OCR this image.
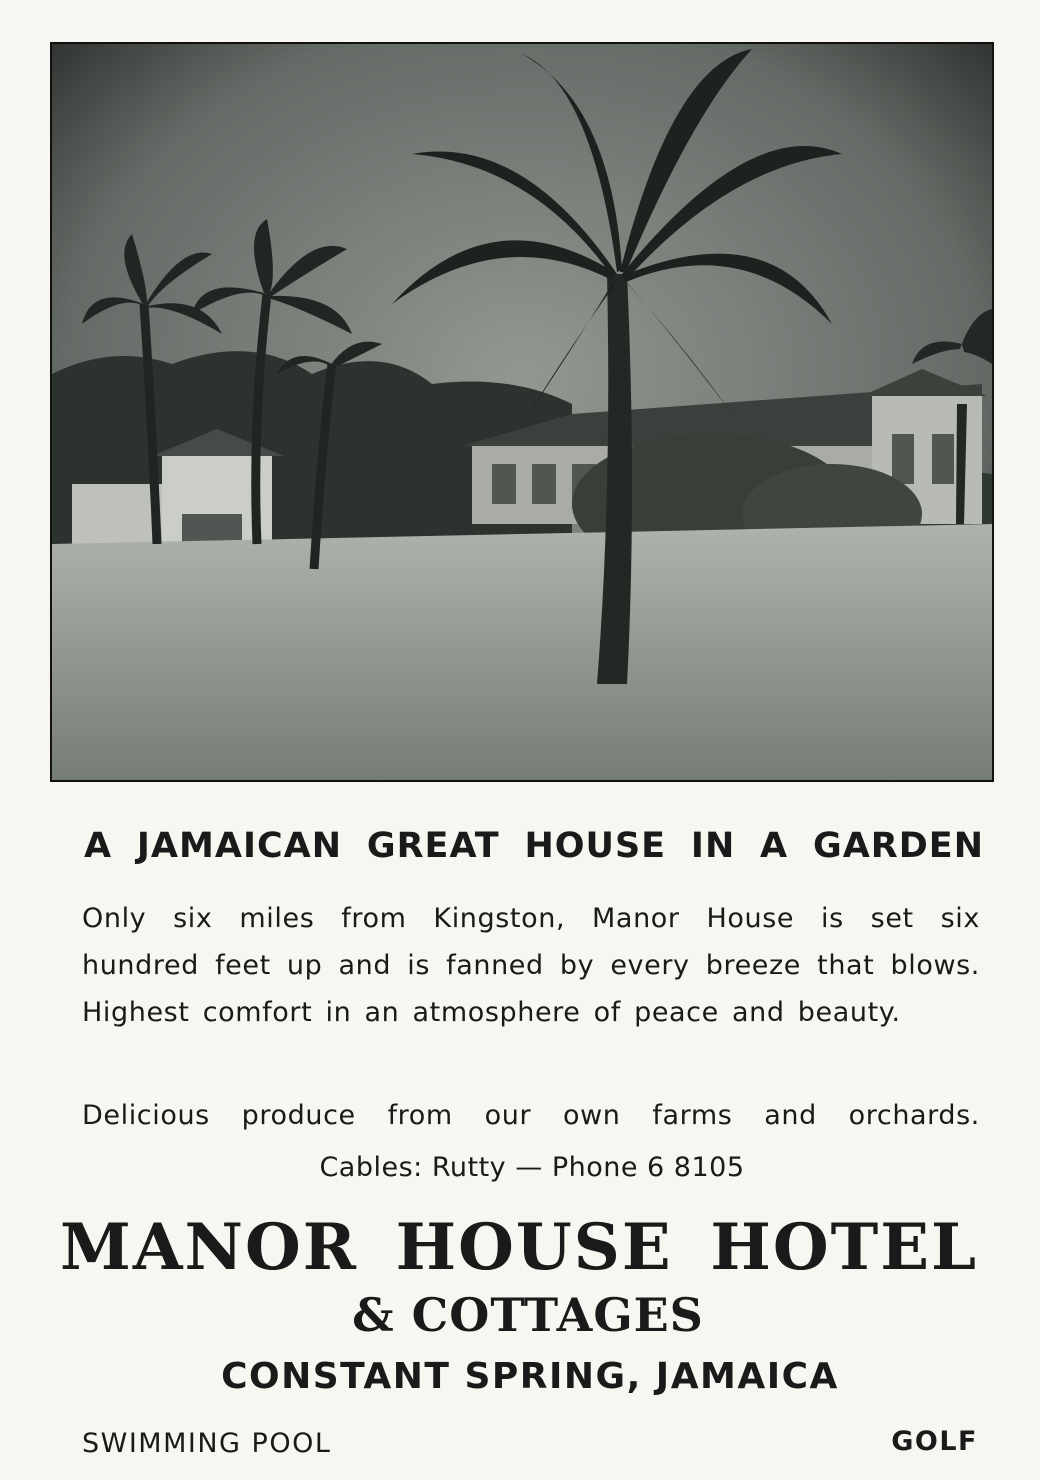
A JAMAICAN GREAT HOUSE IN A GARDEN
Only six miles from Kingston, Manor House is set six hundred feet up and is fanned by every breeze that blows. Highest comfort in an atmosphere of peace and beauty.
Delicious produce from our own farms and orchards.
Cables: Rutty — Phone 6 8105
MANOR HOUSE HOTEL
& COTTAGES
CONSTANT SPRING, JAMAICA
SWIMMING POOL	GOLF
